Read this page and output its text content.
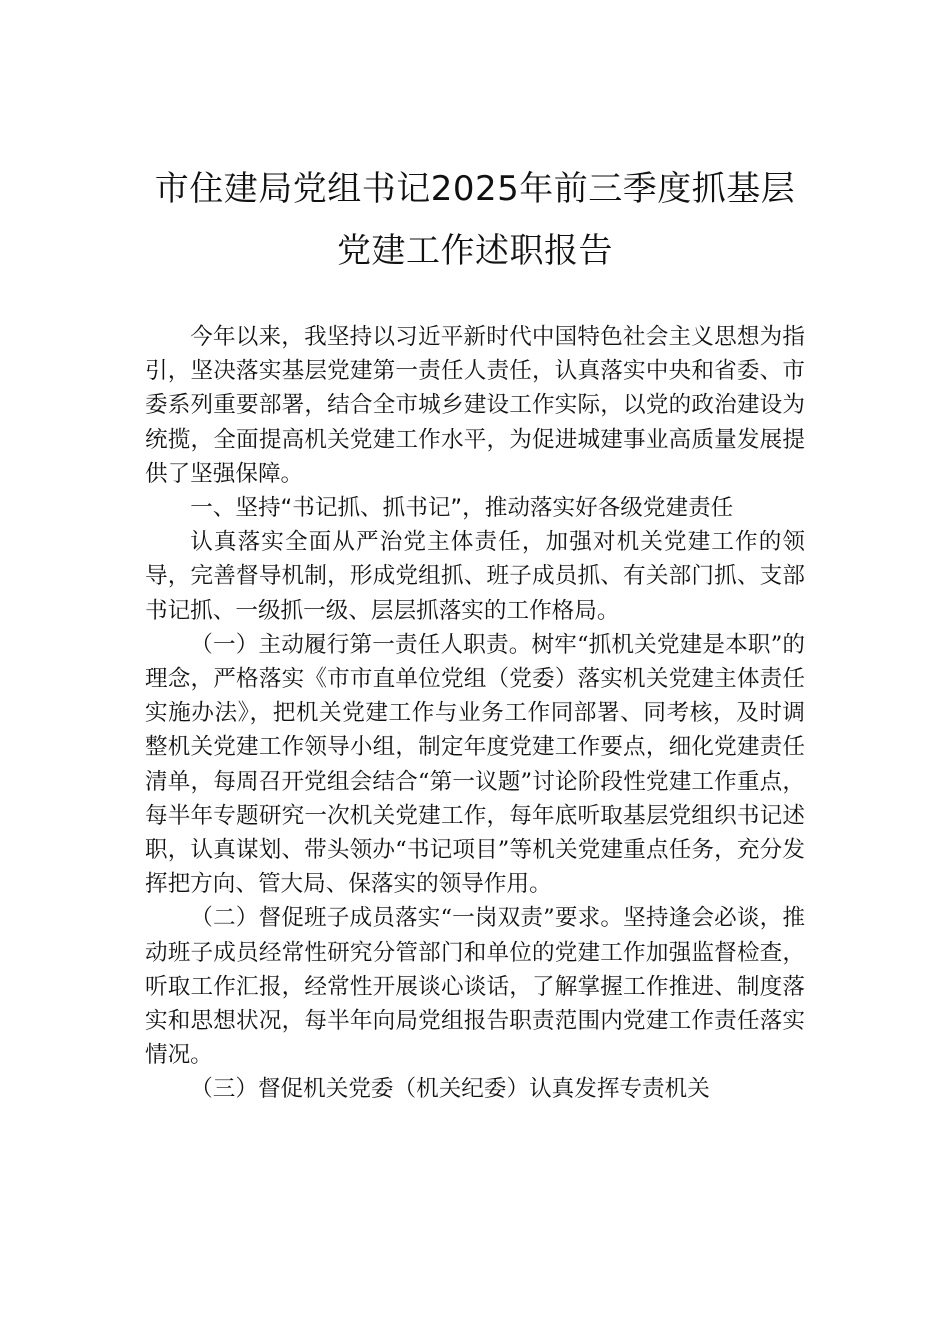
市住建局党组书记2025年前三季度抓基层
党建工作述职报告

今年以来，我坚持以习近平新时代中国特色社会主义思想为指引，坚决落实基层党建第一责任人责任，认真落实中央和省委、市委系列重要部署，结合全市城乡建设工作实际，以党的政治建设为统揽，全面提高机关党建工作水平，为促进城建事业高质量发展提供了坚强保障。

一、坚持“书记抓、抓书记”，推动落实好各级党建责任

认真落实全面从严治党主体责任，加强对机关党建工作的领导，完善督导机制，形成党组抓、班子成员抓、有关部门抓、支部书记抓、一级抓一级、层层抓落实的工作格局。

（一）主动履行第一责任人职责。树牢“抓机关党建是本职”的理念，严格落实《市市直单位党组（党委）落实机关党建主体责任实施办法》，把机关党建工作与业务工作同部署、同考核，及时调整机关党建工作领导小组，制定年度党建工作要点，细化党建责任清单，每周召开党组会结合“第一议题”讨论阶段性党建工作重点，每半年专题研究一次机关党建工作，每年底听取基层党组织书记述职，认真谋划、带头领办“书记项目”等机关党建重点任务，充分发挥把方向、管大局、保落实的领导作用。

（二）督促班子成员落实“一岗双责”要求。坚持逢会必谈，推动班子成员经常性研究分管部门和单位的党建工作加强监督检查，听取工作汇报，经常性开展谈心谈话，了解掌握工作推进、制度落实和思想状况，每半年向局党组报告职责范围内党建工作责任落实情况。

（三）督促机关党委（机关纪委）认真发挥专责机关
